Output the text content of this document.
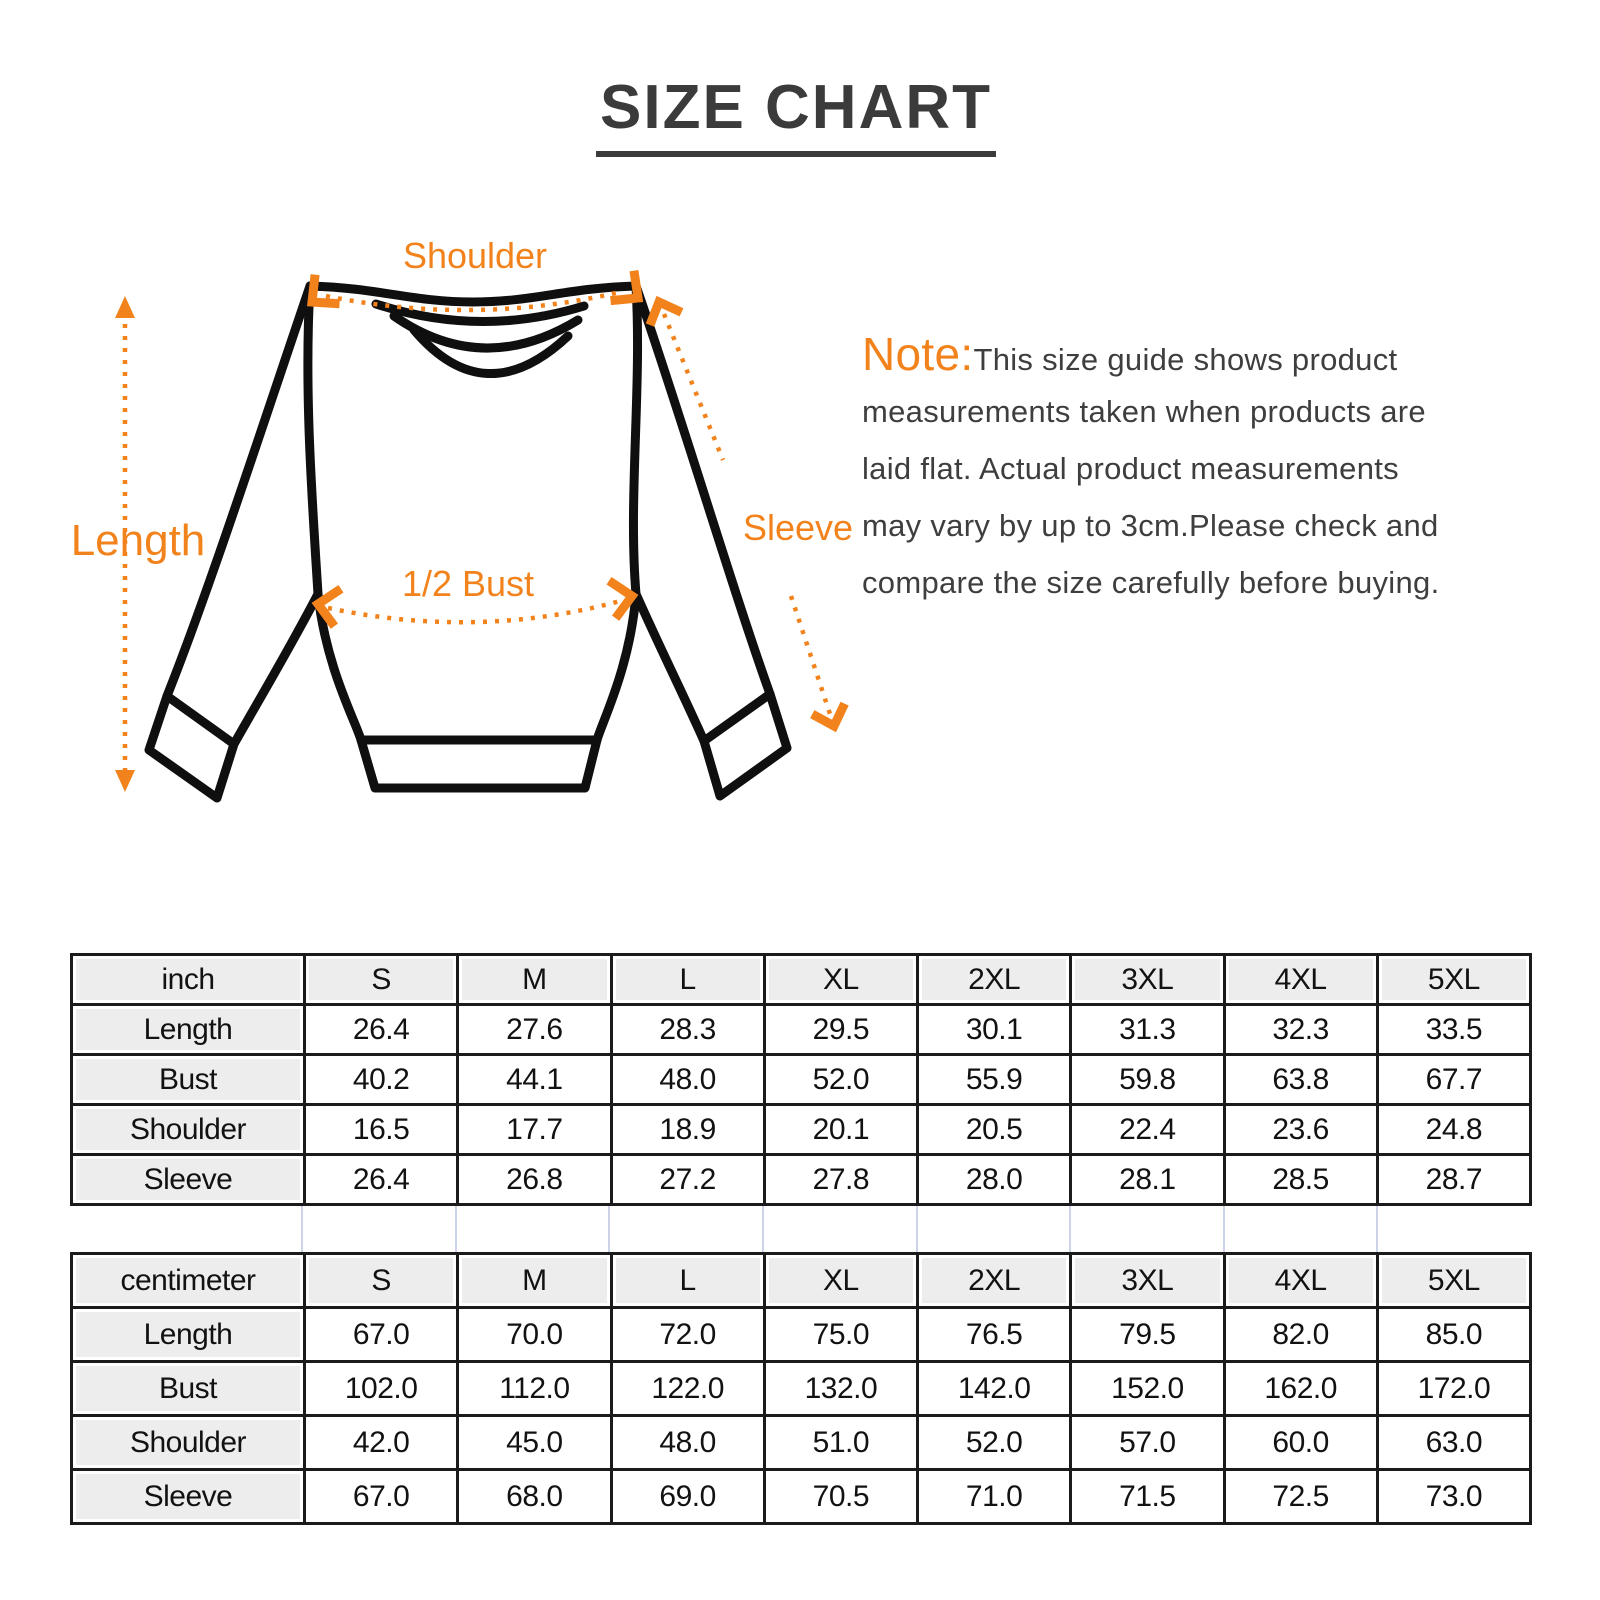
SIZE CHART
Shoulder
Length
1/2 Bust
Sleeve
Note:This size guide shows product
measurements taken when products are
laid flat. Actual product measurements
may vary by up to 3cm.Please check and
compare the size carefully before buying.
inch	S	M	L	XL	2XL	3XL	4XL	5XL
Length	26.4	27.6	28.3	29.5	30.1	31.3	32.3	33.5
Bust	40.2	44.1	48.0	52.0	55.9	59.8	63.8	67.7
Shoulder	16.5	17.7	18.9	20.1	20.5	22.4	23.6	24.8
Sleeve	26.4	26.8	27.2	27.8	28.0	28.1	28.5	28.7
centimeter	S	M	L	XL	2XL	3XL	4XL	5XL
Length	67.0	70.0	72.0	75.0	76.5	79.5	82.0	85.0
Bust	102.0	112.0	122.0	132.0	142.0	152.0	162.0	172.0
Shoulder	42.0	45.0	48.0	51.0	52.0	57.0	60.0	63.0
Sleeve	67.0	68.0	69.0	70.5	71.0	71.5	72.5	73.0
